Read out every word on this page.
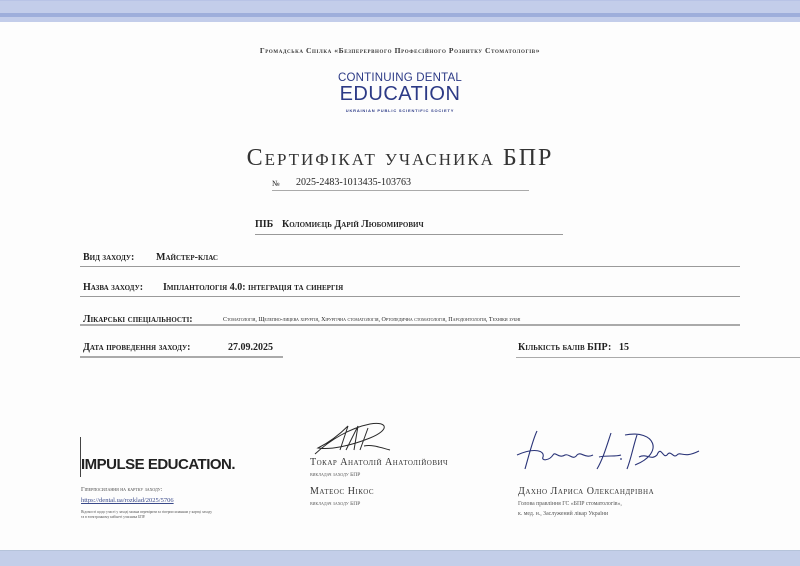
Громадська Спілка «Безперервного Професійного Розвитку Стоматологів»
CONTINUING DENTAL
EDUCATION
UKRAINIAN PUBLIC SCIENTIFIC SOCIETY
Сертифікат учасника БПР
№ 2025-2483-1013435-103763
ПІБ Коломиєць Дарій Любомирович
Вид заходу: Майстер-клас
Назва заходу: Імплантологія 4.0: інтеграція та синергія
Лікарські спеціальності:	Стоматологія, Щелепно-лицева хірургія, Хірургічна стоматологія, Ортопедична стоматологія, Пародонтологія, Техніки зубні
Дата проведення заходу:	27.09.2025	Кількість балів БПР: 15
IMPULSE EDUCATION.
Гіперпосилання на картку заходу:
https://dental.ua/rozklad/2025/5706
Відомості щодо участі у заході можна перевірити за гіперпосиланням у картці заходу та в електронному кабінеті учасника БПР.
Токар Анатолій Анатолійович
викладач заходу БПР
Матеос Нікос
викладач заходу БПР
Дахно Лариса Олександрівна
Голова правління ГС «БПР стоматологів»,
к. мед. н., Заслужений лікар України
